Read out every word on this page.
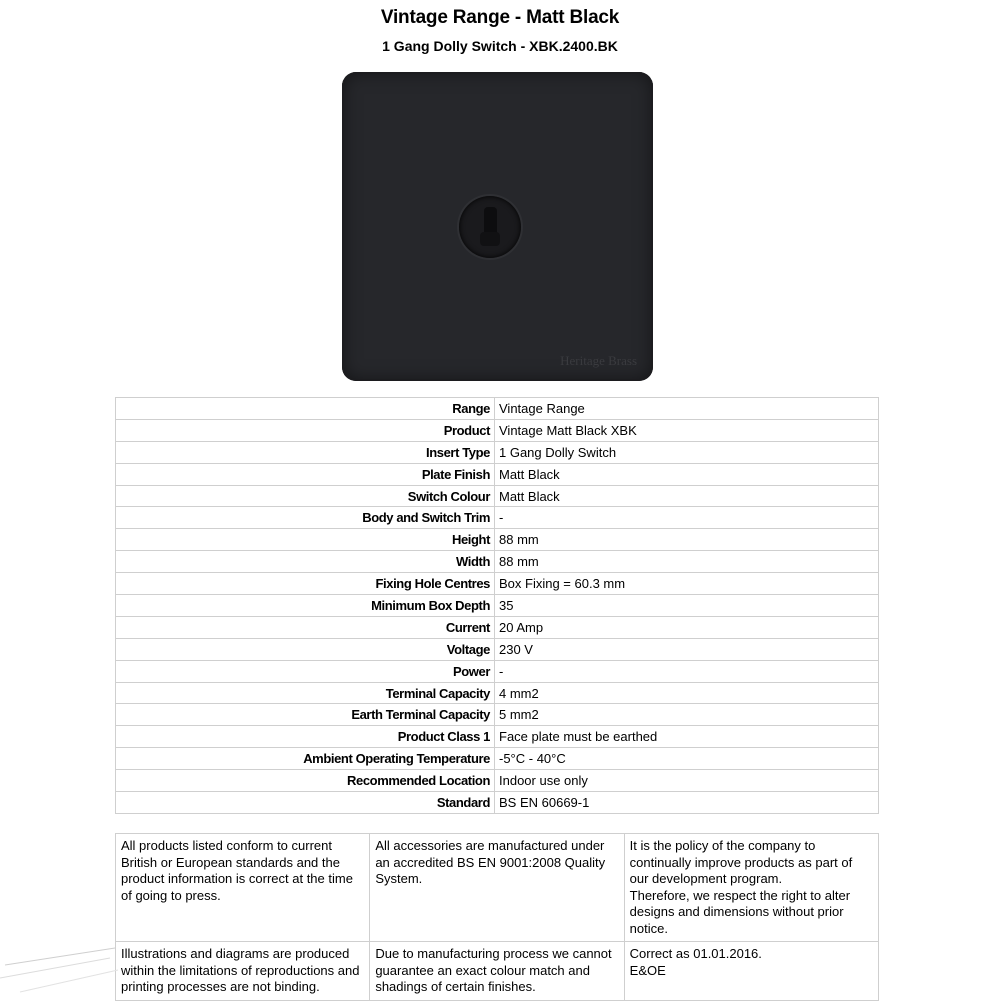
Vintage Range - Matt Black
1 Gang Dolly Switch - XBK.2400.BK
Heritage Brass
Range	Vintage Range
Product	Vintage Matt Black XBK
Insert Type	1 Gang Dolly Switch
Plate Finish	Matt Black
Switch Colour	Matt Black
Body and Switch Trim	-
Height	88 mm
Width	88 mm
Fixing Hole Centres	Box Fixing = 60.3 mm
Minimum Box Depth	35
Current	20 Amp
Voltage	230 V
Power	-
Terminal Capacity	4 mm2
Earth Terminal Capacity	5 mm2
Product Class 1	Face plate must be earthed
Ambient Operating Temperature	-5°C - 40°C
Recommended Location	Indoor use only
Standard	BS EN 60669-1
All products listed conform to current British or European standards and the product information is correct at the time of going to press.	All accessories are manufactured under an accredited BS EN 9001:2008 Quality System.	It is the policy of the company to continually improve products as part of our development program.
Therefore, we respect the right to alter designs and dimensions without prior notice.
Illustrations and diagrams are produced within the limitations of reproductions and printing processes are not binding.	Due to manufacturing process we cannot guarantee an exact colour match and shadings of certain finishes.	Correct as 01.01.2016.
E&OE
